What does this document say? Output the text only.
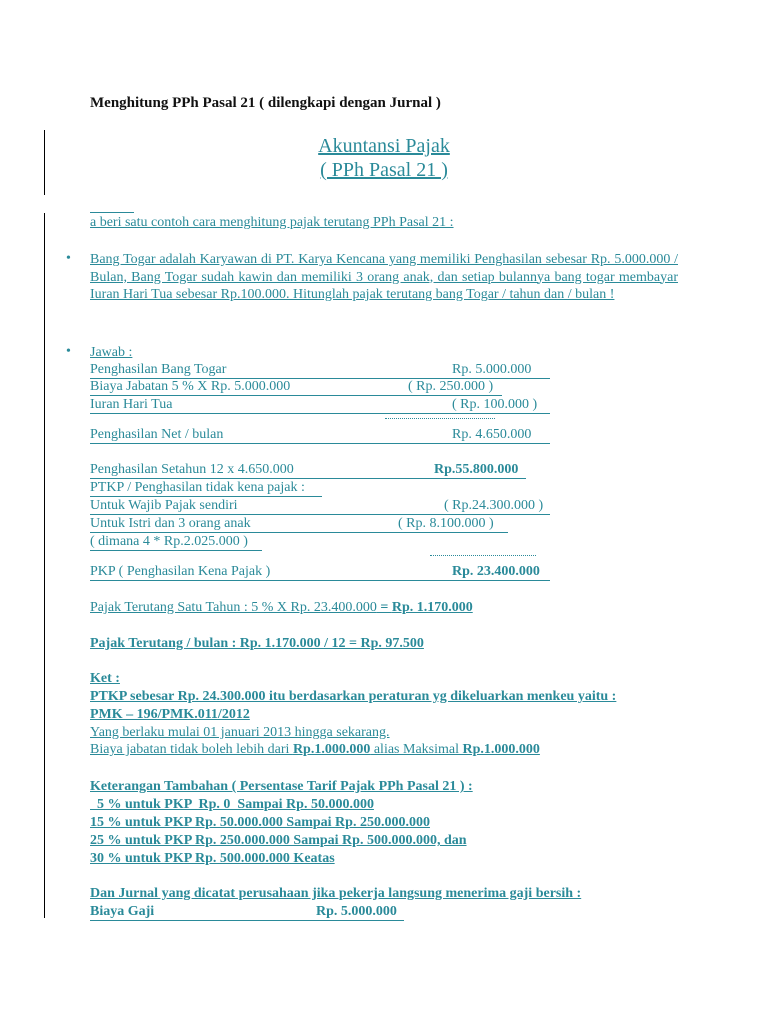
Menghitung PPh Pasal 21 ( dilengkapi dengan Jurnal )
Akuntansi Pajak
( PPh Pasal 21 )
a beri satu contoh cara menghitung pajak terutang PPh Pasal 21 :
• Bang Togar adalah Karyawan di PT. Karya Kencana yang memiliki Penghasilan sebesar Rp. 5.000.000 / Bulan, Bang Togar sudah kawin dan memiliki 3 orang anak, dan setiap bulannya bang togar membayar Iuran Hari Tua sebesar Rp.100.000. Hitunglah pajak terutang bang Togar / tahun dan / bulan !
• Jawab :
Penghasilan Bang Togar	Rp. 5.000.000
Biaya Jabatan 5 % X Rp. 5.000.000	( Rp. 250.000 )
Iuran Hari Tua	( Rp. 100.000 )
Penghasilan Net / bulan	Rp. 4.650.000
Penghasilan Setahun 12 x 4.650.000	Rp.55.800.000
PTKP / Penghasilan tidak kena pajak :
Untuk Wajib Pajak sendiri	( Rp.24.300.000 )
Untuk Istri dan 3 orang anak	( Rp. 8.100.000 )
( dimana 4 * Rp.2.025.000 )
PKP ( Penghasilan Kena Pajak )	Rp. 23.400.000
Pajak Terutang Satu Tahun : 5 % X Rp. 23.400.000 = Rp. 1.170.000
Pajak Terutang / bulan : Rp. 1.170.000 / 12 = Rp. 97.500
Ket :
PTKP sebesar Rp. 24.300.000 itu berdasarkan peraturan yg dikeluarkan menkeu yaitu :
PMK – 196/PMK.011/2012
Yang berlaku mulai 01 januari 2013 hingga sekarang.
Biaya jabatan tidak boleh lebih dari Rp.1.000.000 alias Maksimal Rp.1.000.000
Keterangan Tambahan ( Persentase Tarif Pajak PPh Pasal 21 ) :
5 % untuk PKP  Rp. 0  Sampai Rp. 50.000.000
15 % untuk PKP Rp. 50.000.000 Sampai Rp. 250.000.000
25 % untuk PKP Rp. 250.000.000 Sampai Rp. 500.000.000, dan
30 % untuk PKP Rp. 500.000.000 Keatas
Dan Jurnal yang dicatat perusahaan jika pekerja langsung menerima gaji bersih :
Biaya Gaji	Rp. 5.000.000
